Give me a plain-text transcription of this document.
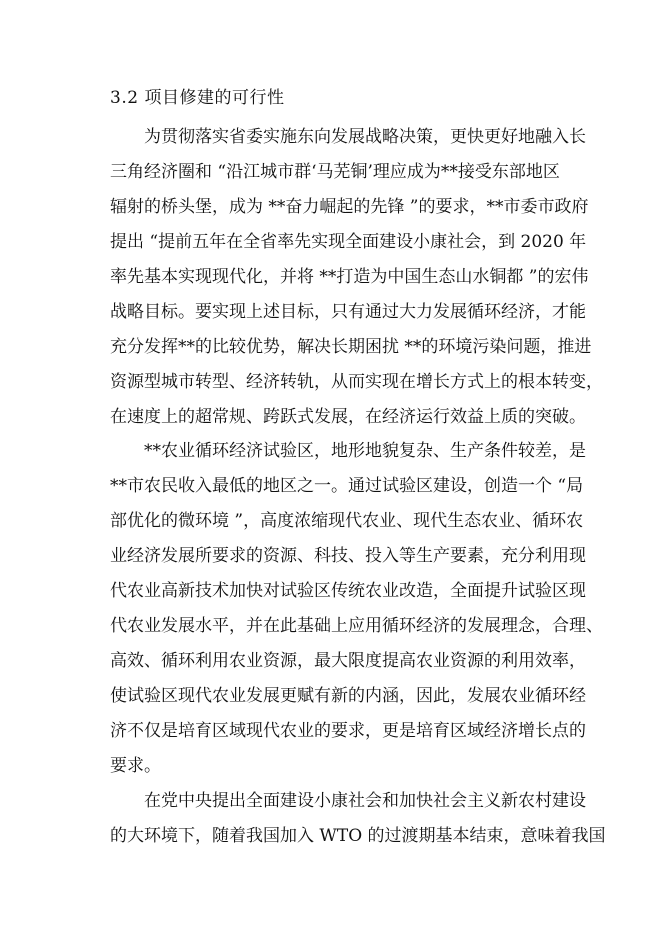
3.2 项目修建的可行性
为贯彻落实省委实施东向发展战略决策，更快更好地融入长
三角经济圈和 “沿江城市群‘马芜铜’理应成为**接受东部地区
辐射的桥头堡，成为 **奋力崛起的先锋 ”的要求，**市委市政府
提出 “提前五年在全省率先实现全面建设小康社会，到 2020 年
率先基本实现现代化，并将 **打造为中国生态山水铜都 ”的宏伟
战略目标。要实现上述目标，只有通过大力发展循环经济，才能
充分发挥**的比较优势，解决长期困扰 **的环境污染问题，推进
资源型城市转型、经济转轨，从而实现在增长方式上的根本转变，
在速度上的超常规、跨跃式发展，在经济运行效益上质的突破。
**农业循环经济试验区，地形地貌复杂、生产条件较差，是
**市农民收入最低的地区之一。通过试验区建设，创造一个 “局
部优化的微环境 ”，高度浓缩现代农业、现代生态农业、循环农
业经济发展所要求的资源、科技、投入等生产要素，充分利用现
代农业高新技术加快对试验区传统农业改造，全面提升试验区现
代农业发展水平，并在此基础上应用循环经济的发展理念，合理、
高效、循环利用农业资源，最大限度提高农业资源的利用效率，
使试验区现代农业发展更赋有新的内涵，因此，发展农业循环经
济不仅是培育区域现代农业的要求，更是培育区域经济增长点的
要求。
在党中央提出全面建设小康社会和加快社会主义新农村建设
的大环境下，随着我国加入 WTO 的过渡期基本结束，意味着我国
